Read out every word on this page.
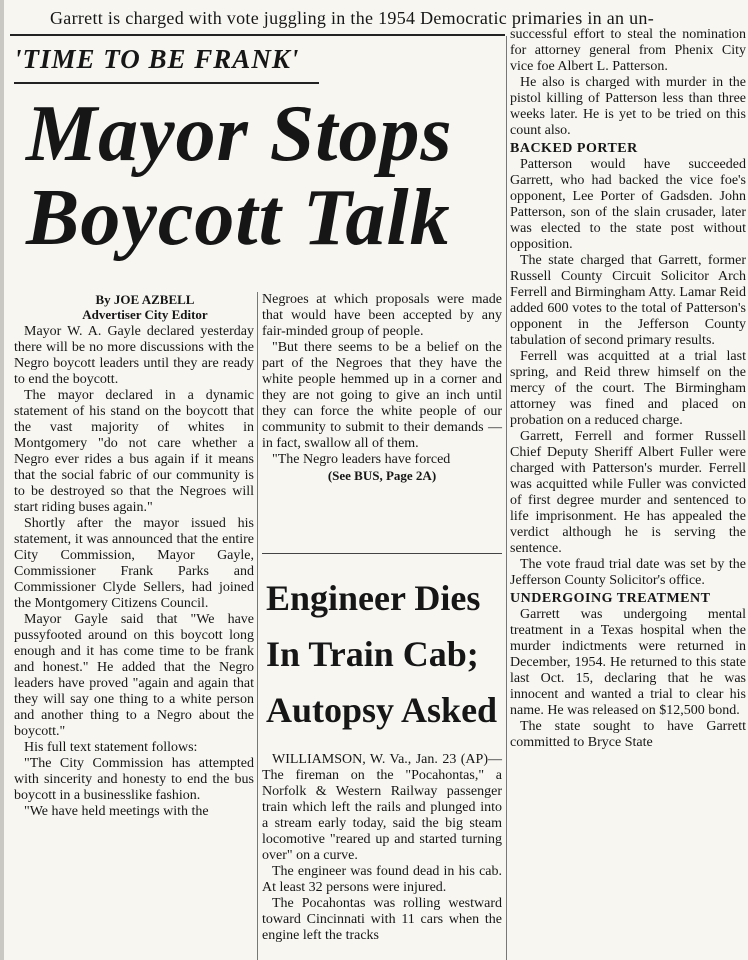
Garrett is charged with vote juggling in the 1954 Democratic primaries in an un-
'TIME TO BE FRANK'
Mayor Stops
Boycott Talk
By JOE AZBELL
Advertiser City Editor

Mayor W. A. Gayle declared yesterday there will be no more discussions with the Negro boycott leaders until they are ready to end the boycott.

The mayor declared in a dynamic statement of his stand on the boycott that the vast majority of whites in Montgomery "do not care whether a Negro ever rides a bus again if it means that the social fabric of our community is to be destroyed so that the Negroes will start riding buses again."

Shortly after the mayor issued his statement, it was announced that the entire City Commission, Mayor Gayle, Commissioner Frank Parks and Commissioner Clyde Sellers, had joined the Montgomery Citizens Council.

Mayor Gayle said that "We have pussyfooted around on this boycott long enough and it has come time to be frank and honest." He added that the Negro leaders have proved "again and again that they will say one thing to a white person and another thing to a Negro about the boycott."

His full text statement follows:

"The City Commission has attempted with sincerity and honesty to end the bus boycott in a businesslike fashion.

"We have held meetings with the

Negroes at which proposals were made that would have been accepted by any fair-minded group of people.

"But there seems to be a belief on the part of the Negroes that they have the white people hemmed up in a corner and they are not going to give an inch until they can force the white people of our community to submit to their demands — in fact, swallow all of them.

"The Negro leaders have forced

(See BUS, Page 2A)

Engineer Dies
In Train Cab;
Autopsy Asked

WILLIAMSON, W. Va., Jan. 23 (AP)—The fireman on the "Pocahontas," a Norfolk & Western Railway passenger train which left the rails and plunged into a stream early today, said the big steam locomotive "reared up and started turning over" on a curve.

The engineer was found dead in his cab. At least 32 persons were injured.

The Pocahontas was rolling westward toward Cincinnati with 11 cars when the engine left the tracks

successful effort to steal the nomination for attorney general from Phenix City vice foe Albert L. Patterson.

He also is charged with murder in the pistol killing of Patterson less than three weeks later. He is yet to be tried on this count also.

BACKED PORTER

Patterson would have succeeded Garrett, who had backed the vice foe's opponent, Lee Porter of Gadsden. John Patterson, son of the slain crusader, later was elected to the state post without opposition.

The state charged that Garrett, former Russell County Circuit Solicitor Arch Ferrell and Birmingham Atty. Lamar Reid added 600 votes to the total of Patterson's opponent in the Jefferson County tabulation of second primary results.

Ferrell was acquitted at a trial last spring, and Reid threw himself on the mercy of the court. The Birmingham attorney was fined and placed on probation on a reduced charge.

Garrett, Ferrell and former Russell Chief Deputy Sheriff Albert Fuller were charged with Patterson's murder. Ferrell was acquitted while Fuller was convicted of first degree murder and sentenced to life imprisonment. He has appealed the verdict although he is serving the sentence.

The vote fraud trial date was set by the Jefferson County Solicitor's office.

UNDERGOING TREATMENT

Garrett was undergoing mental treatment in a Texas hospital when the murder indictments were returned in December, 1954. He returned to this state last Oct. 15, declaring that he was innocent and wanted a trial to clear his name. He was released on $12,500 bond.

The state sought to have Garrett committed to Bryce State
